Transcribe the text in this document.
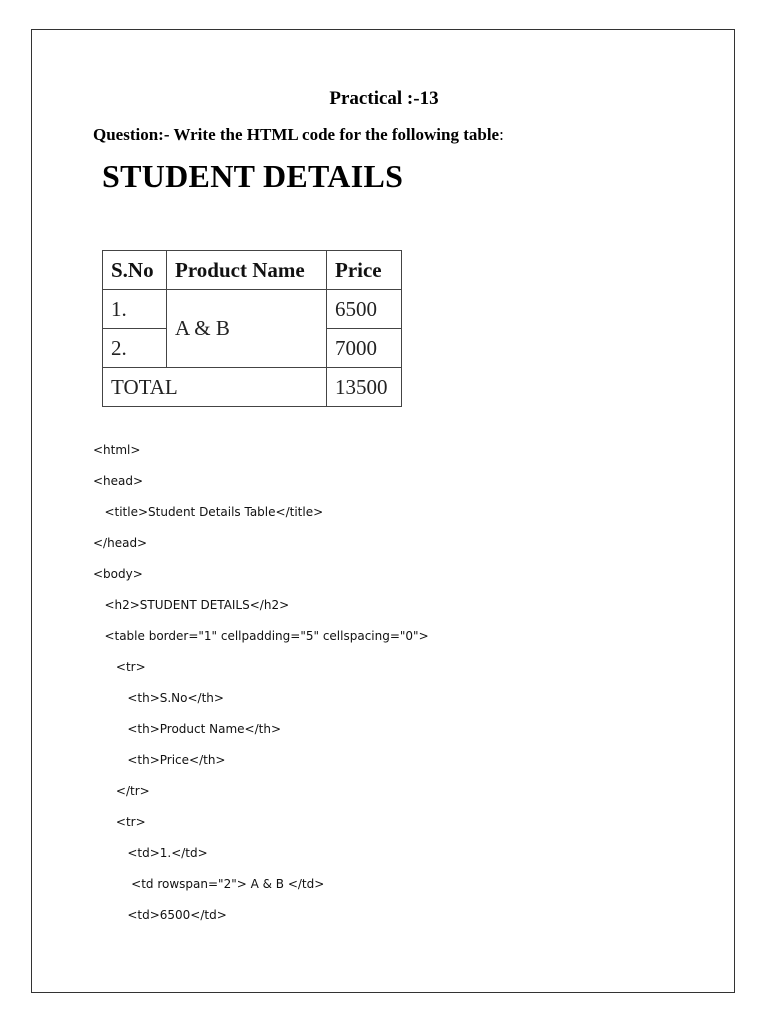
Practical :-13
Question:- Write the HTML code for the following table:
STUDENT DETAILS
S.No	Product Name	Price
1.	A & B	6500
2.		7000
TOTAL		13500
<html>
<head>
<title>Student Details Table</title>
</head>
<body>
<h2>STUDENT DETAILS</h2>
<table border="1" cellpadding="5" cellspacing="0">
<tr>
<th>S.No</th>
<th>Product Name</th>
<th>Price</th>
</tr>
<tr>
<td>1.</td>
<td rowspan="2"> A & B </td>
<td>6500</td>
